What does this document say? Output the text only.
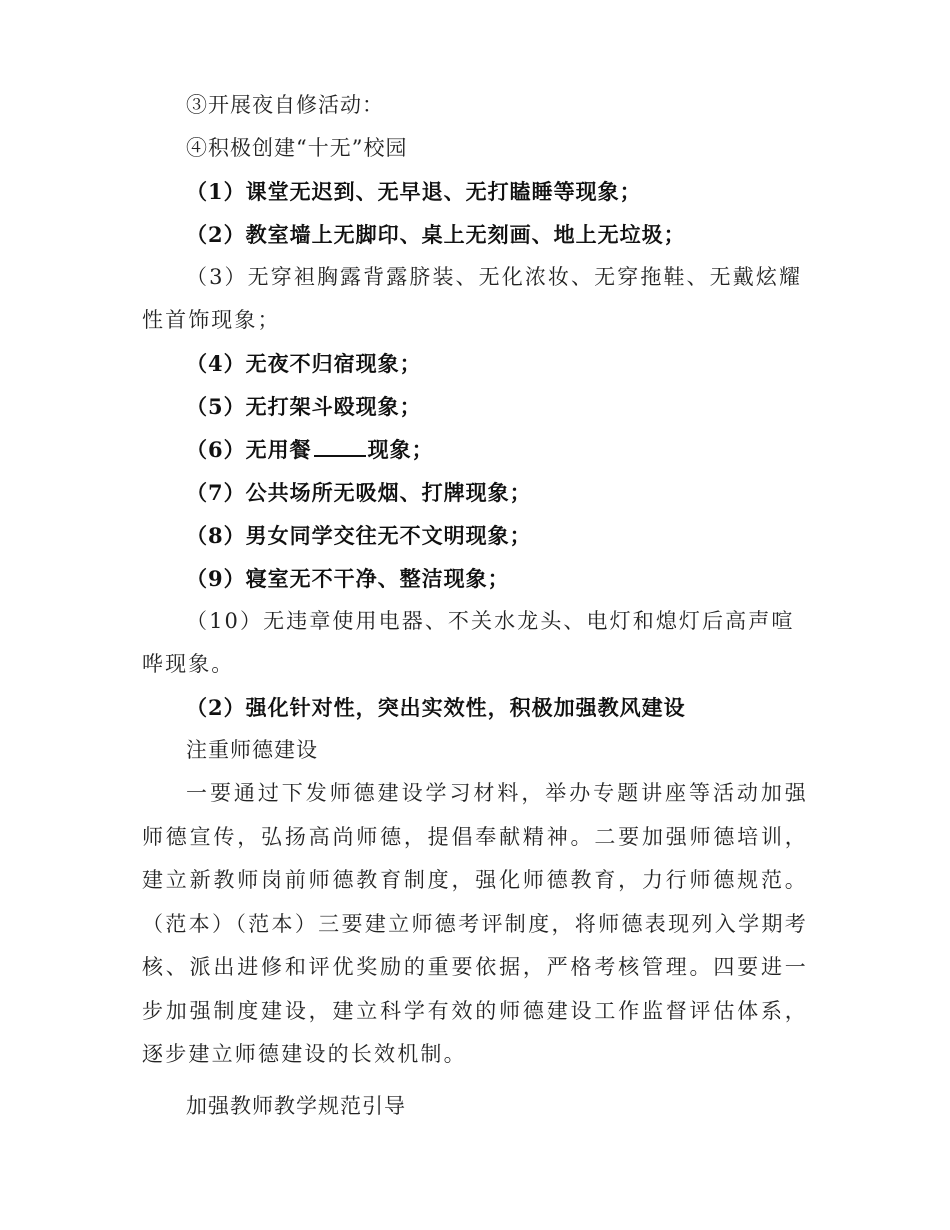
③开展夜自修活动：
④积极创建“十无”校园
（1）课堂无迟到、无早退、无打瞌睡等现象；
（2）教室墙上无脚印、桌上无刻画、地上无垃圾；

（3）无穿袒胸露背露脐装、无化浓妆、无穿拖鞋、无戴炫耀性首饰现象；

（4）无夜不归宿现象；
（5）无打架斗殴现象；
（6）无用餐	现象；
（7）公共场所无吸烟、打牌现象；
（8）男女同学交往无不文明现象；
（9）寝室无不干净、整洁现象；

（10）无违章使用电器、不关水龙头、电灯和熄灯后高声喧哗现象。

（2）强化针对性，突出实效性，积极加强教风建设
注重师德建设

一要通过下发师德建设学习材料，举办专题讲座等活动加强师德宣传，弘扬高尚师德，提倡奉献精神。二要加强师德培训，建立新教师岗前师德教育制度，强化师德教育，力行师德规范。（范本）（范本）三要建立师德考评制度，将师德表现列入学期考核、派出进修和评优奖励的重要依据，严格考核管理。四要进一步加强制度建设，建立科学有效的师德建设工作监督评估体系，逐步建立师德建设的长效机制。

加强教师教学规范引导
